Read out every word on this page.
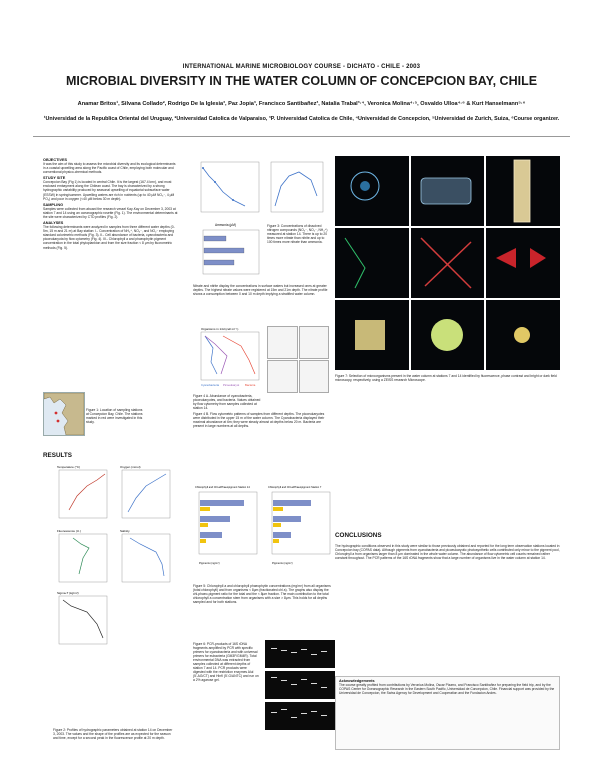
INTERNATIONAL MARINE MICROBIOLOGY COURSE - DICHATO - CHILE - 2003
MICROBIAL DIVERSITY IN THE WATER COLUMN OF CONCEPCION BAY, CHILE
Anamar Britos¹, Silvana Collado², Rodrigo De la Iglesia³, Paz Jopia³, Francisco Santibañez³, Natalia Trabal³·⁴, Veronica Molina⁴·⁵, Osvaldo Ulloa⁴·⁶ & Kurt Hanselmann⁵·⁶
¹Universidad de la Republica Oriental del Uruguay, ²Universidad Catolica de Valparaiso, ³P. Universidad Catolica de Chile, ⁴Universidad de Concepcion, ⁵Universidad de Zurich, Suiza, ⁶Course organizer.
OBJECTIVES
It was the aim of this study to assess the microbial diversity and its ecological determinants in a coastal upwelling area along the Pacific coast of Chile, employing both molecular and conventional physico-chemical methods.
STUDY SITE
Concepcion Bay (Fig 1) is located in central Chile. It is the largest (167.4 km²), and most enclosed embayment along the Chilean coast. The bay is characterized by a strong hydrographic variability produced by seasonal upwelling of equatorial subsurface water (ESSW) in spring/summer. Upwelling waters are rich in nutrients (up to 40 μM NO₃⁻, 4 μM PO₄) and poor in oxygen (<40 μM below 30 m depth).
SAMPLING
Samples were collected from aboard the research vessel Kay-Kay on December 3, 2003 at station 7 and 14 using an oceanographic rosette (Fig. 1). The environmental determinants at the site were characterized by CTD profiles (Fig. 2).
ANALYSES
The following determinants were analyzed in samples from three different water depths (0-5m, 15 m and 21 m) at Bay station: I.- Concentration of NH₄⁺, NO₃⁻, and NO₂⁻ employing standard colorimetric methods (Fig. 3). II.- Cell abundance of bacteria, cyanobacteria and picoeukaryota by flow cytometry (Fig. 4). III.- Chlorophyll a and phaeophytin pigment concentration in the total phytoplankton and from the size fraction < 8 µm by fluorometric methods (Fig. 5).
Figure 1: Location of sampling stations at Concepcion Bay, Chile. The stations marked in red were investigated in this study.
Ammonia (µM)	Figure 3: Concentrations of dissolved nitrogen compounds (NO₃⁻, NO₂⁻, NH₄⁺) measured at station 14. There is up to 20 times more nitrate than nitrite and up to 100 times more nitrate than ammonia.
Nitrate and nitrite display the concentrations in surface waters but increased ones at greater depths. The highest nitrate values were registered at 15m and 21m depth. The nitrate profile shows a consumption between 0 and 10 m depth implying a stratified water column.
Organisms in 14d (cell ml⁻¹)
Cyanobacteria Picoeukaryot Bacteria
Figure 4 A. Abundance of cyanobacteria, picoeukaryotes, and bacteria. Values obtained by flow cytometry from samples collected at station 14.
Figure 4 B. Flow cytometric patterns of samples from different depths. The picoeukaryotes were distributed in the upper 15 m of the water column. The Cyanobacteria displayed their maximal abundance at 6m; they were steady almost at depths below 20 m. Bacteria are present in large numbers at all depths.
Figure 7: Selection of microorganisms present in the water column at stations 7 and 14 identified by fluorescence, phase contrast and bright or dark field microscopy, respectively, using a ZEISS research Microscope.
RESULTS
Temperature (°C)	Oxygen (mmol)
Fluorescence (U.)	Salinity
Sigma-T (kg/m³)
Figure 2: Profiles of hydrographic parameters obtained at station 14 on December 3, 2003. The values and the shape of the profiles are as expected for the season and time, except for a second peak in the fluorescence profile at 20 m depth.
Chlorophyll and Chl-a/Phaeopigment Station 14
Pigments (mg/m³)
Chlorophyll and Chl-a/Phaeopigment Station 7
Pigments (mg/m³)
Figure 5: Chlorophyll a and chlorophyll phaeophytin concentrations (mg/m³) from all organisms (total chlorophyll) and from organisms < 8µm (fractionated chl a). The graphs also display the chl-phaeo-pigment ratio for the total and the < 8µm fraction. The main contribution to the total chlorophyll a concentration stem from organisms with a size > 8µm. This holds for all depths sampled and for both stations.
Figure 6: PCR-products of 16S rDNA fragments amplified by PCR with specific primers for cyanobacteria and with universal primers for eubacteria (GM3F/GM4R). Total environmental DNA was extracted from samples collected at different depths of station 7 and 14. PCR products were digested with the restriction enzymes AluI (5'-AG/CT) and HinfI (5'-G/ANTC) and run on a 2% agarose gel.
CONCLUSIONS
The hydrographic conditions observed in this study were similar to those previously obtained and reported for the long term observation stations located in Concepcion bay (COPAS data). Although pigments from cyanobacteria and picoeukaryotic photosynthetic cells contributed only minor to the pigment pool, Chlorophyll a from organisms larger than 8 µm dominated in the whole water column. The abundance of flow cytometric cell counts remained rather constant throughout. The PCR patterns of the 16S rDNA fragments show that a large number of organisms live in the water column at station 14.
Acknowledgements
The course greatly profited from contributions by Veronica Molina, Oscar Pizarro, and Francisco Santibañez for preparing the field trip, and by the COPAS Center for Oceanographic Research in the Eastern South Pacific, Universidad de Concepcion, Chile. Financial support was provided by the Universidad de Concepcion, the Swiss Agency for Development and Cooperation and the Fundacion Andes.
